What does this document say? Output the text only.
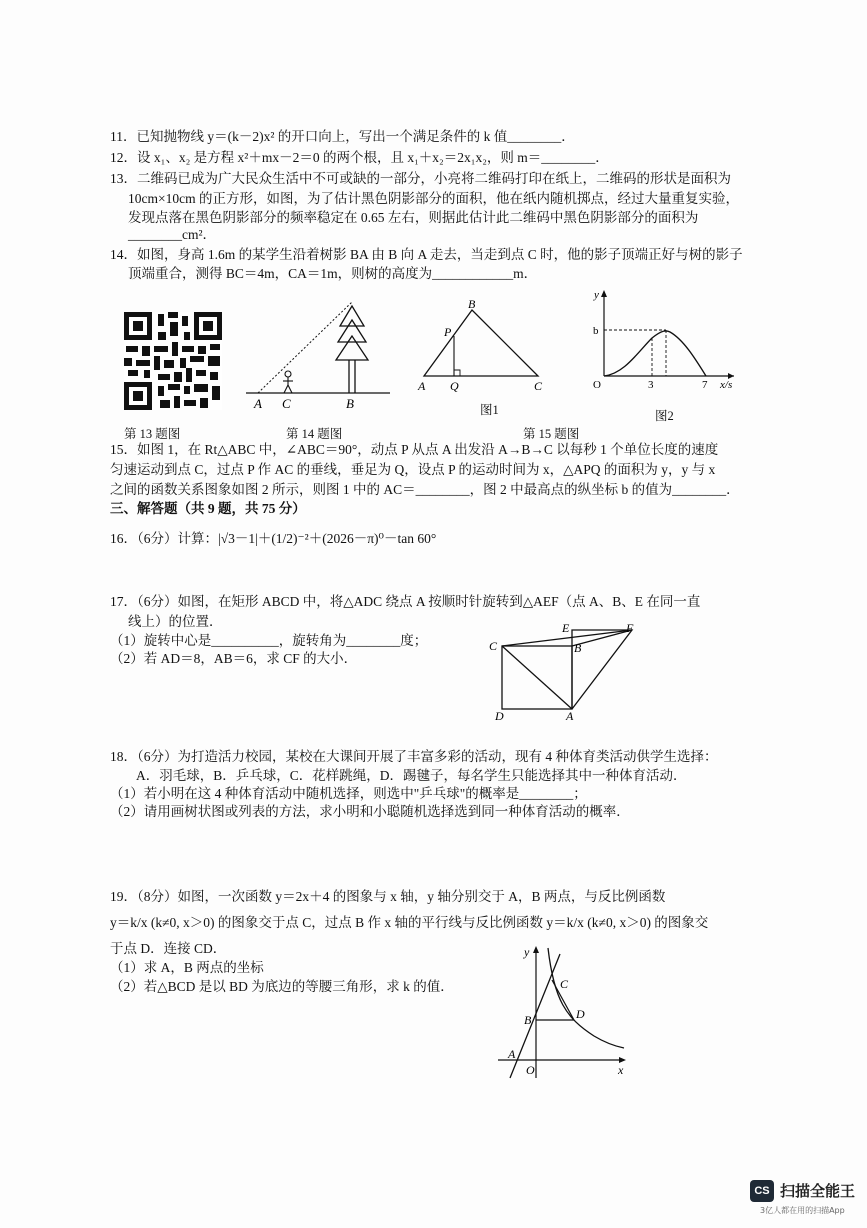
11．已知抛物线 y＝(k－2)x² 的开口向上，写出一个满足条件的 k 值________．
12．设 x₁、x₂ 是方程 x²＋mx－2＝0 的两个根，且 x₁＋x₂＝2x₁x₂，则 m＝________．
13．二维码已成为广大民众生活中不可或缺的一部分，小亮将二维码打印在纸上，二维码的形状是面积为
10cm×10cm 的正方形，如图，为了估计黑色阴影部分的面积，他在纸内随机掷点，经过大量重复实验，
发现点落在黑色阴影部分的频率稳定在 0.65 左右，则据此估计此二维码中黑色阴影部分的面积为
________cm²．
14．如图，身高 1.6m 的某学生沿着树影 BA 由 B 向 A 走去，当走到点 C 时，他的影子顶端正好与树的影子
顶端重合，测得 BC＝4m，CA＝1m，则树的高度为____________m．
A C	B
B
P
A Q	C
图1
y
b
O	3	7 x/s
图2
第 13 题图	第 14 题图	第 15 题图
15．如图 1，在 Rt△ABC 中，∠ABC＝90°，动点 P 从点 A 出发沿 A→B→C 以每秒 1 个单位长度的速度
匀速运动到点 C，过点 P 作 AC 的垂线，垂足为 Q，设点 P 的运动时间为 x，△APQ 的面积为 y，y 与 x
之间的函数关系图象如图 2 所示，则图 1 中的 AC＝________，图 2 中最高点的纵坐标 b 的值为________．
三、解答题（共 9 题，共 75 分）
16．（6分）计算：|√3－1|＋(1/2)⁻²＋(2026－π)⁰－tan 60°
17．（6分）如图，在矩形 ABCD 中，将△ADC 绕点 A 按顺时针旋转到△AEF（点 A、B、E 在同一直
线上）的位置．
（1）旋转中心是__________，旋转角为________度；
（2）若 AD＝8，AB＝6，求 CF 的大小．
C
E	F
B
D	A
18．（6分）为打造活力校园，某校在大课间开展了丰富多彩的活动，现有 4 种体育类活动供学生选择：
A．羽毛球，B．乒乓球，C．花样跳绳，D．踢毽子，每名学生只能选择其中一种体育活动．
（1）若小明在这 4 种体育活动中随机选择，则选中"乒乓球"的概率是________；
（2）请用画树状图或列表的方法，求小明和小聪随机选择选到同一种体育活动的概率．
19．（8分）如图，一次函数 y＝2x＋4 的图象与 x 轴，y 轴分别交于 A，B 两点，与反比例函数
y＝k/x (k≠0, x＞0) 的图象交于点 C，过点 B 作 x 轴的平行线与反比例函数 y＝k/x (k≠0, x＞0) 的图象交
于点 D．连接 CD．
（1）求 A，B 两点的坐标
（2）若△BCD 是以 BD 为底边的等腰三角形，求 k 的值．
y
C
B	D
A
O	x
CS 扫描全能王
3亿人都在用的扫描App
